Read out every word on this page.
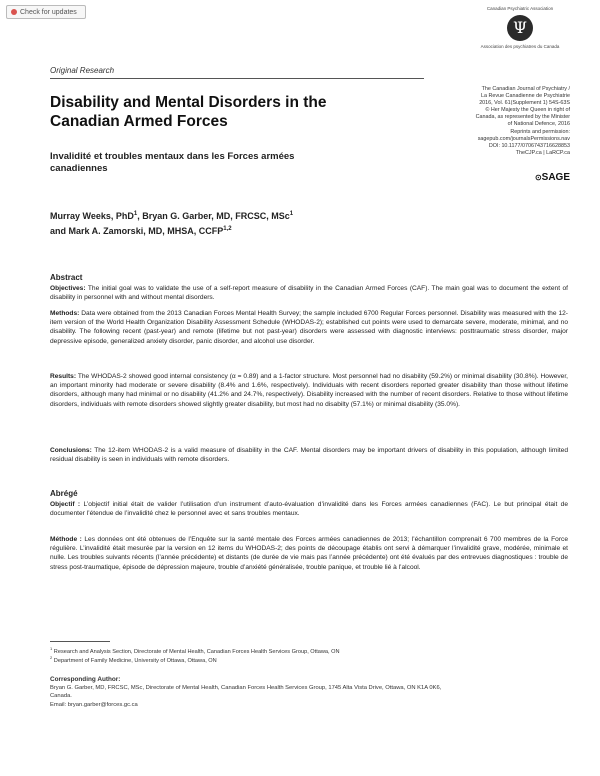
Check for updates
Canadian Psychiatric Association
Ψ
Association des psychiatres du Canada
Original Research
Disability and Mental Disorders in the Canadian Armed Forces
Invalidité et troubles mentaux dans les Forces armées canadiennes
The Canadian Journal of Psychiatry /
La Revue Canadienne de Psychiatrie
2016, Vol. 61(Supplement 1) 54S-63S
© Her Majesty the Queen in right of
Canada, as represented by the Minister
of National Defence, 2016
Reprints and permission:
sagepub.com/journalsPermissions.nav
DOI: 10.1177/0706743716628853
TheCJP.ca | LaRCP.ca
⊙SAGE
Murray Weeks, PhD$^1$, Bryan G. Garber, MD, FRCSC, MSc$^1$
and Mark A. Zamorski, MD, MHSA, CCFP$^{1,2}$
Abstract
Objectives: The initial goal was to validate the use of a self-report measure of disability in the Canadian Armed Forces (CAF). The main goal was to document the extent of disability in personnel with and without mental disorders.
Methods: Data were obtained from the 2013 Canadian Forces Mental Health Survey; the sample included 6700 Regular Forces personnel. Disability was measured with the 12-item version of the World Health Organization Disability Assessment Schedule (WHODAS-2); established cut points were used to demarcate severe, moderate, minimal, and no disability. The following recent (past-year) and remote (lifetime but not past-year) disorders were assessed with diagnostic interviews: posttraumatic stress disorder, major depressive episode, generalized anxiety disorder, panic disorder, and alcohol use disorder.
Results: The WHODAS-2 showed good internal consistency (α = 0.89) and a 1-factor structure. Most personnel had no disability (59.2%) or minimal disability (30.8%). However, an important minority had moderate or severe disability (8.4% and 1.6%, respectively). Individuals with recent disorders reported greater disability than those without lifetime disorders, although many had minimal or no disability (41.2% and 24.7%, respectively). Disability increased with the number of recent disorders. Relative to those without lifetime disorders, individuals with remote disorders showed slightly greater disability, but most had no disabilty (57.1%) or minimal disability (35.0%).
Conclusions: The 12-item WHODAS-2 is a valid measure of disability in the CAF. Mental disorders may be important drivers of disability in this population, although limited residual disability is seen in individuals with remote disorders.
Abrégé
Objectif : L’objectif initial était de valider l’utilisation d’un instrument d’auto-évaluation d’invalidité dans les Forces armées canadiennes (FAC). Le but principal était de documenter l’étendue de l’invalidité chez le personnel avec et sans troubles mentaux.
Méthode : Les données ont été obtenues de l’Enquête sur la santé mentale des Forces armées canadiennes de 2013; l’échantillon comprenait 6 700 membres de la Force régulière. L’invalidité était mesurée par la version en 12 items du WHODAS-2; des points de découpage établis ont servi à démarquer l’invalidité grave, modérée, minimale et nulle. Les troubles suivants récents (l’année précédente) et distants (de durée de vie mais pas l’année précédente) ont été évalués par des entrevues diagnostiques : trouble de stress post-traumatique, épisode de dépression majeure, trouble d’anxiété généralisée, trouble panique, et trouble lié à l’alcool.
$^1$ Research and Analysis Section, Directorate of Mental Health, Canadian Forces Health Services Group, Ottawa, ON
$^2$ Department of Family Medicine, University of Ottawa, Ottawa, ON
Corresponding Author:
Bryan G. Garber, MD, FRCSC, MSc, Directorate of Mental Health, Canadian Forces Health Services Group, 1745 Alta Vista Drive, Ottawa, ON K1A 0K6,
Canada.
Email: bryan.garber@forces.gc.ca
